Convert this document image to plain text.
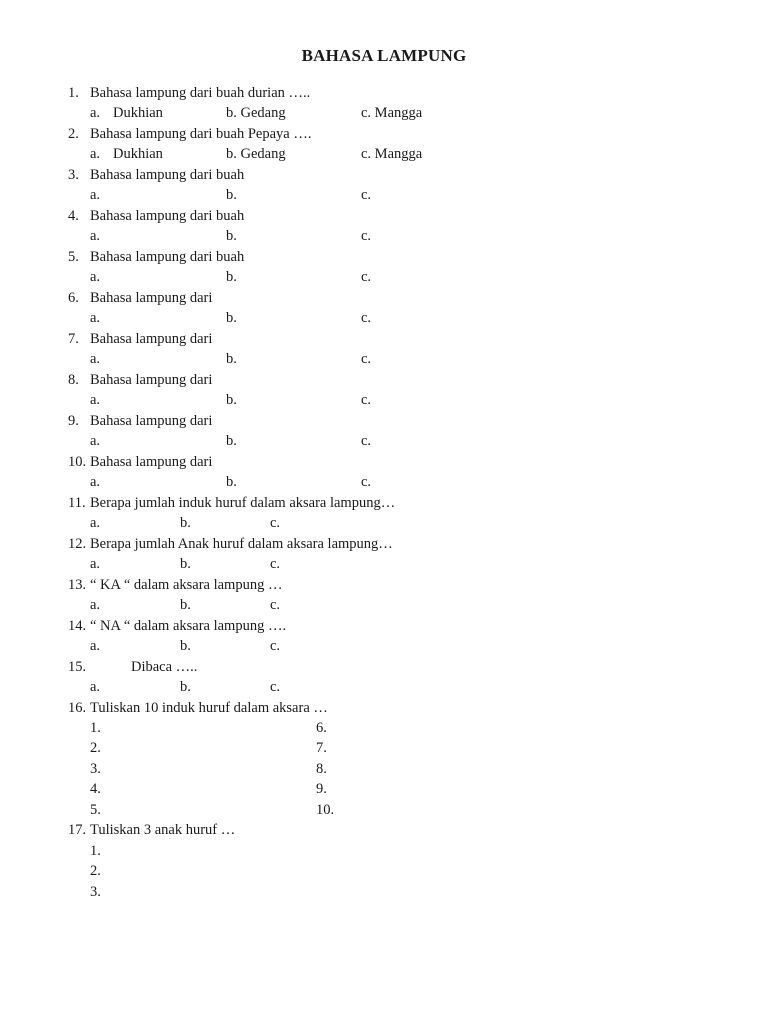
BAHASA LAMPUNG
1. Bahasa lampung dari buah durian …..
a. Dukhian	b. Gedang	c. Mangga
2. Bahasa lampung dari buah Pepaya ….
a. Dukhian	b. Gedang	c. Mangga
3. Bahasa lampung dari buah
a.	b.	c.
4. Bahasa lampung dari buah
a.	b.	c.
5. Bahasa lampung dari buah
a.	b.	c.
6. Bahasa lampung dari
a.	b.	c.
7. Bahasa lampung dari
a.	b.	c.
8. Bahasa lampung dari
a.	b.	c.
9. Bahasa lampung dari
a.	b.	c.
10. Bahasa lampung dari
a.	b.	c.
11. Berapa jumlah induk huruf dalam aksara lampung…
a.	b.	c.
12. Berapa jumlah Anak huruf dalam aksara lampung…
a.	b.	c.
13. “ KA “ dalam aksara lampung …
a.	b.	c.
14. “ NA “ dalam aksara lampung ….
a.	b.	c.
15.	Dibaca …..
a.	b.	c.
16. Tuliskan 10 induk huruf dalam aksara …
1.	6.
2.	7.
3.	8.
4.	9.
5.	10.
17. Tuliskan 3 anak huruf …
1.
2.
3.
